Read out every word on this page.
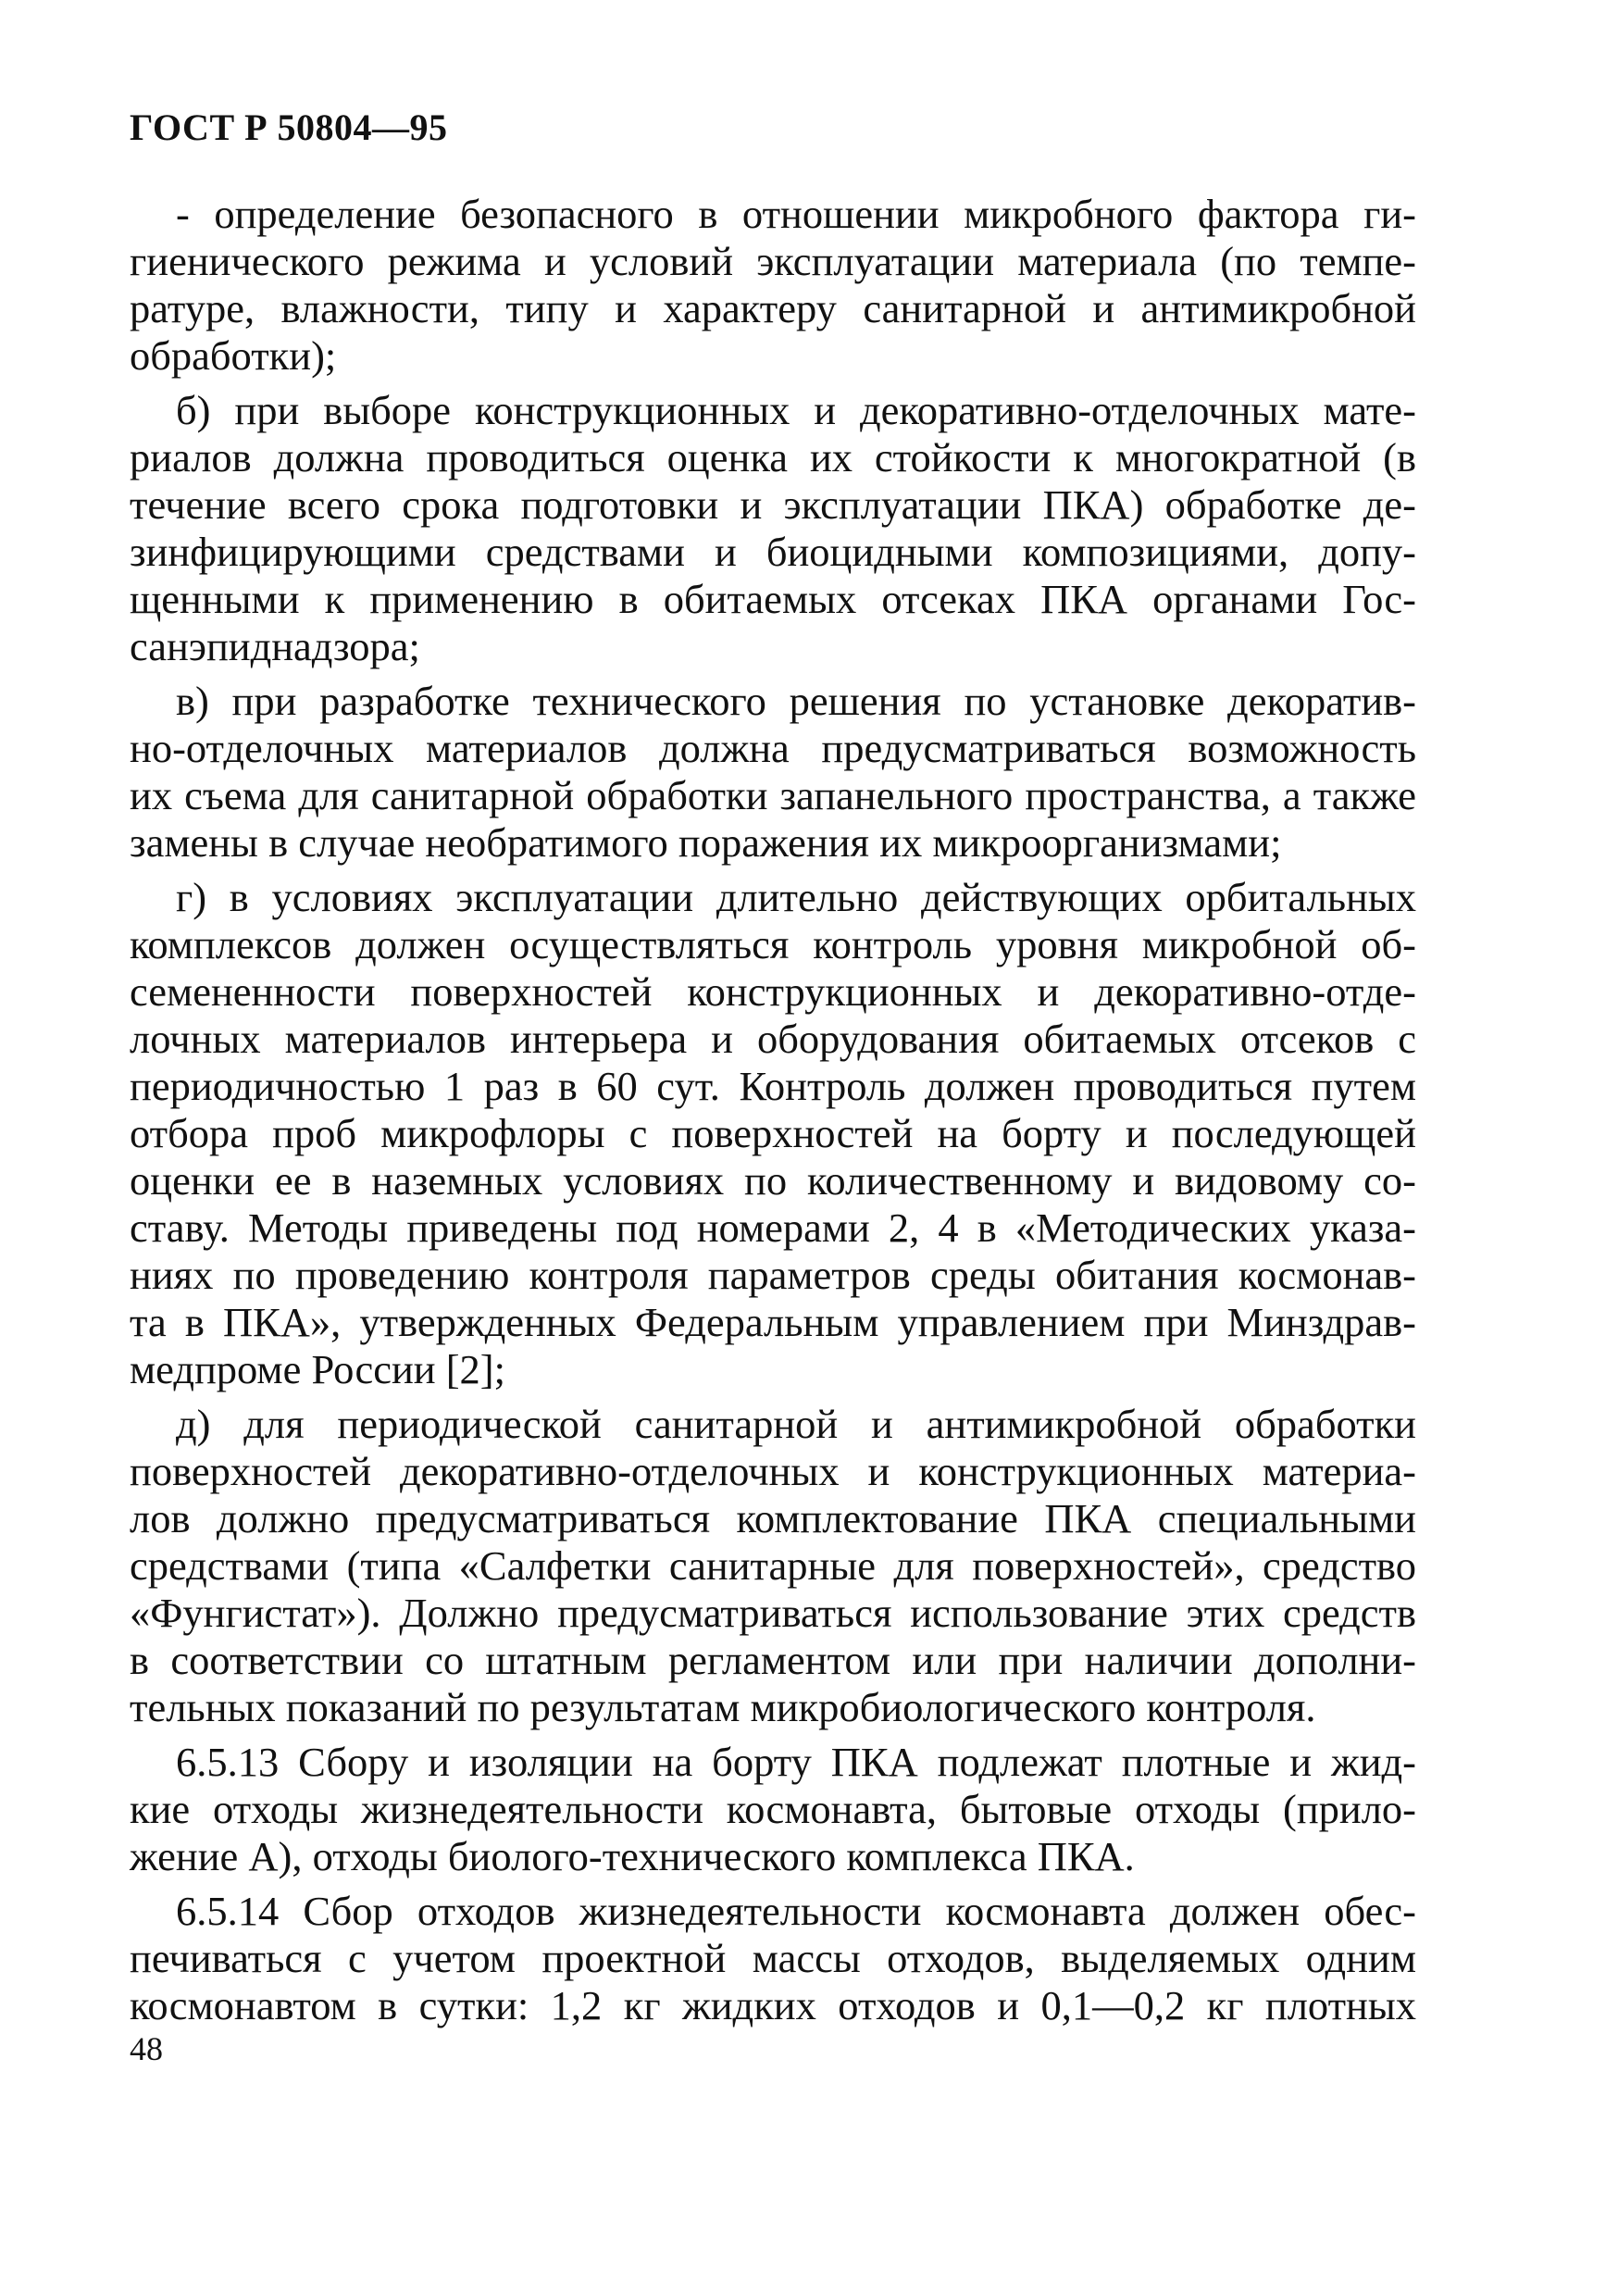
ГОСТ Р 50804—95
- определение безопасного в отношении микробного фактора ги-
гиенического режима и условий эксплуатации материала (по темпе-
ратуре, влажности, типу и характеру санитарной и антимикробной
обработки);
б) при выборе конструкционных и декоративно-отделочных мате-
риалов должна проводиться оценка их стойкости к многократной (в
течение всего срока подготовки и эксплуатации ПКА) обработке де-
зинфицирующими средствами и биоцидными композициями, допу-
щенными к применению в обитаемых отсеках ПКА органами Гос-
санэпиднадзора;
в) при разработке технического решения по установке декоратив-
но-отделочных материалов должна предусматриваться возможность
их съема для санитарной обработки запанельного пространства, а также
замены в случае необратимого поражения их микроорганизмами;
г) в условиях эксплуатации длительно действующих орбитальных
комплексов должен осуществляться контроль уровня микробной об-
семененности поверхностей конструкционных и декоративно-отде-
лочных материалов интерьера и оборудования обитаемых отсеков с
периодичностью 1 раз в 60 сут. Контроль должен проводиться путем
отбора проб микрофлоры с поверхностей на борту и последующей
оценки ее в наземных условиях по количественному и видовому со-
ставу. Методы приведены под номерами 2, 4 в «Методических указа-
ниях по проведению контроля параметров среды обитания космонав-
та в ПКА», утвержденных Федеральным управлением при Минздрав-
медпроме России [2];
д) для периодической санитарной и антимикробной обработки
поверхностей декоративно-отделочных и конструкционных материа-
лов должно предусматриваться комплектование ПКА специальными
средствами (типа «Салфетки санитарные для поверхностей», средство
«Фунгистат»). Должно предусматриваться использование этих средств
в соответствии со штатным регламентом или при наличии дополни-
тельных показаний по результатам микробиологического контроля.
6.5.13 Сбору и изоляции на борту ПКА подлежат плотные и жид-
кие отходы жизнедеятельности космонавта, бытовые отходы (прило-
жение А), отходы биолого-технического комплекса ПКА.
6.5.14 Сбор отходов жизнедеятельности космонавта должен обес-
печиваться с учетом проектной массы отходов, выделяемых одним
космонавтом в сутки: 1,2 кг жидких отходов и 0,1—0,2 кг плотных
48
